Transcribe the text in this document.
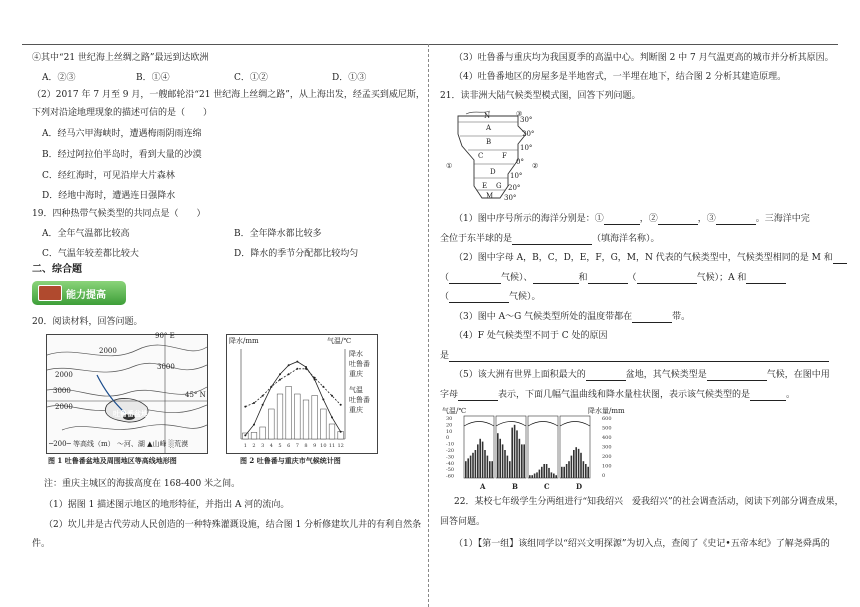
④其中“21 世纪海上丝绸之路”最远到达欧洲
A．②③	B．①④	C．①②	D．①③
（2）2017 年 7 月至 9 月，一艘邮轮沿“21 世纪海上丝绸之路”，从上海出发，经孟买到威尼斯，
下列对沿途地理现象的描述可信的是（　　）
A．经马六甲海峡时，遭遇梅雨阴雨连绵
B．经过阿拉伯半岛时，看到大量的沙漠
C．经红海时，可见沿岸大片森林
D．经地中海时，遭遇连日强降水
19．四种热带气候类型的共同点是（　　）
A．全年气温都比较高	B．全年降水都比较多
C．气温年较差都比较大	D．降水的季节分配都比较均匀
二、综合题
能力提高
20．阅读材料，回答问题。
90° E
2000
2000
3000
2000
3000
45° N
吐鲁番盆地
─200─ 等高线（m） ～河、湖 ▲山峰 ░荒漠
图 1 吐鲁番盆地及周围地区等高线地形图
1 2 3 4 5 6 7 8 9 10 11 12
降水/mm	气温/℃
降水
吐鲁番
重庆
气温
吐鲁番
重庆
图 2 吐鲁番与重庆市气候统计图
注：重庆主城区的海拔高度在 168-400 米之间。
（1）据图 1 描述图示地区的地形特征，并指出 A 河的流向。
（2）坎儿井是古代劳动人民创造的一种特殊灌溉设施，结合图 1 分析修建坎儿井的有利自然条
件。
（3）吐鲁番与重庆均为我国夏季的高温中心。判断图 2 中 7 月气温更高的城市并分析其原因。
（4）吐鲁番地区的房屋多是半地窖式，一半埋在地下，结合图 2 分析其建造原理。
21．读非洲大陆气候类型模式图，回答下列问题。
N
A
B
C	F
D
E G
M
30°
20°
10°
0°
10°
20°
30°
①	②
③
（1）图中序号所示的海洋分别是：①	，②	，③	。三海洋中完
全位于东半球的是	（填海洋名称）。
（2）图中字母 A，B，C，D，E，F，G，M，N 代表的气候类型中，气候类型相同的是 M 和
（	气候）、	和	（	气候）；A 和
（	气候）。
（3）图中 A～G 气候类型所处的温度带都在	带。
（4）F 处气候类型不同于 C 处的原因
是
（5）该大洲有世界上面积最大的	盆地，其气候类型是	气候，在图中用
字母	表示，下面几幅气温曲线和降水量柱状图，表示该气候类型的是	。
30
20
10
0
-10
-20
-30
-40
-50
-60
600
500
400
300
200
100
0
气温/℃	降水量/mm
A	B	C	D
22．某校七年级学生分两组进行“知我绍兴　爱我绍兴”的社会调查活动，阅读下列部分调查成果，
回答问题。
（1）【第一组】该组同学以“绍兴文明探源”为切入点，查阅了《史记•五帝本纪》了解尧舜禹的
